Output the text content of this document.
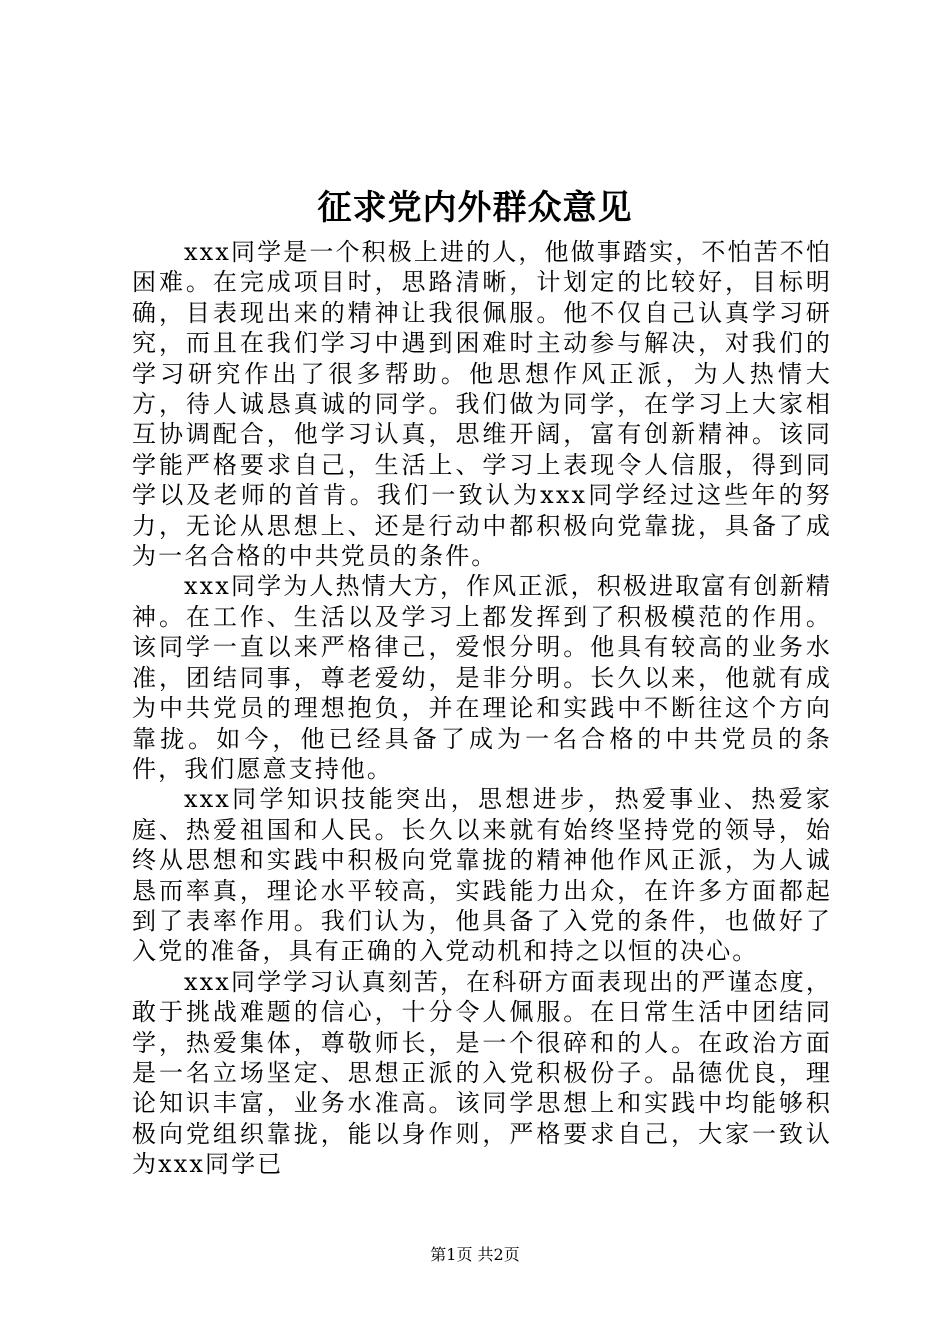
征求党内外群众意见

xxx同学是一个积极上进的人，他做事踏实，不怕苦不怕困难。在完成项目时，思路清晰，计划定的比较好，目标明确，目表现出来的精神让我很佩服。他不仅自己认真学习研究，而且在我们学习中遇到困难时主动参与解决，对我们的学习研究作出了很多帮助。他思想作风正派，为人热情大方，待人诚恳真诚的同学。我们做为同学，在学习上大家相互协调配合，他学习认真，思维开阔，富有创新精神。该同学能严格要求自己，生活上、学习上表现令人信服，得到同学以及老师的首肯。我们一致认为xxx同学经过这些年的努力，无论从思想上、还是行动中都积极向党靠拢，具备了成为一名合格的中共党员的条件。

xxx同学为人热情大方，作风正派，积极进取富有创新精神。在工作、生活以及学习上都发挥到了积极模范的作用。该同学一直以来严格律己，爱恨分明。他具有较高的业务水准，团结同事，尊老爱幼，是非分明。长久以来，他就有成为中共党员的理想抱负，并在理论和实践中不断往这个方向靠拢。如今，他已经具备了成为一名合格的中共党员的条件，我们愿意支持他。

xxx同学知识技能突出，思想进步，热爱事业、热爱家庭、热爱祖国和人民。长久以来就有始终坚持党的领导，始终从思想和实践中积极向党靠拢的精神他作风正派，为人诚恳而率真，理论水平较高，实践能力出众，在许多方面都起到了表率作用。我们认为，他具备了入党的条件，也做好了入党的准备，具有正确的入党动机和持之以恒的决心。

xxx同学学习认真刻苦，在科研方面表现出的严谨态度，敢于挑战难题的信心，十分令人佩服。在日常生活中团结同学，热爱集体，尊敬师长，是一个很碎和的人。在政治方面是一名立场坚定、思想正派的入党积极份子。品德优良，理论知识丰富，业务水准高。该同学思想上和实践中均能够积极向党组织靠拢，能以身作则，严格要求自己，大家一致认为xxx同学已

第1页 共2页
